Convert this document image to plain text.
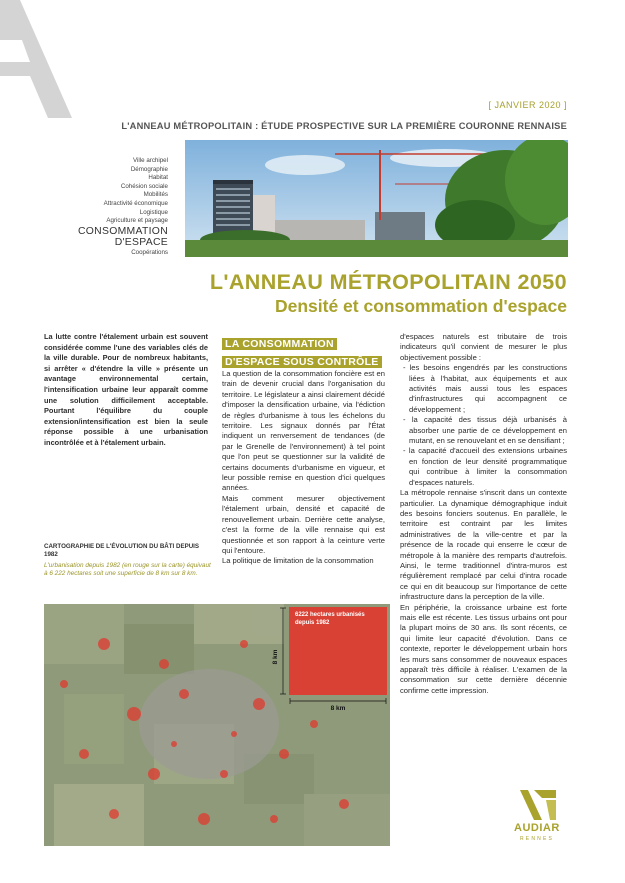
[ JANVIER 2020 ]
L'ANNEAU MÉTROPOLITAIN : ÉTUDE PROSPECTIVE SUR LA PREMIÈRE COURONNE RENNAISE
Ville archipel
Démographie
Habitat
Cohésion sociale
Mobilités
Attractivité économique
Logistique
Agriculture et paysage
CONSOMMATION
D'ESPACE
Coopérations
L'ANNEAU MÉTROPOLITAIN 2050
Densité et consommation d'espace
La lutte contre l'étalement urbain est souvent considérée comme l'une des variables clés de la ville durable. Pour de nombreux habitants, si arrêter « d'étendre la ville » présente un avantage environnemental certain, l'intensification urbaine leur apparaît comme une solution difficilement acceptable. Pourtant l'équilibre du couple extension/intensification est bien la seule réponse possible à une urbanisation incontrôlée et à l'étalement urbain.
CARTOGRAPHIE DE L'ÉVOLUTION DU BÂTI DEPUIS 1982
L'urbanisation depuis 1982 (en rouge sur la carte) équivaut à 6 222 hectares soit une superficie de 8 km sur 8 km.
6222 hectares urbanisés
depuis 1982
8 km
8 km
LA CONSOMMATION
D'ESPACE SOUS CONTRÔLE

La question de la consommation foncière est en train de devenir crucial dans l'organisation du territoire. Le législateur a ainsi clairement décidé d'imposer la densification urbaine, via l'édiction de règles d'urbanisme à tous les échelons du territoire. Les signaux donnés par l'État indiquent un renversement de tendances (de par le Grenelle de l'environnement) à tel point que l'on peut se questionner sur la validité de certains documents d'urbanisme en vigueur, et leur possible remise en question d'ici quelques années.

Mais comment mesurer objectivement l'étalement urbain, densité et capacité de renouvellement urbain. Derrière cette analyse, c'est la forme de la ville rennaise qui est questionnée et son rapport à la ceinture verte qui l'entoure.

La politique de limitation de la consommation

d'espaces naturels est tributaire de trois indicateurs qu'il convient de mesurer le plus objectivement possible :

- les besoins engendrés par les constructions liées à l'habitat, aux équipements et aux activités mais aussi tous les espaces d'infrastructures qui accompagnent ce développement ;

- la capacité des tissus déjà urbanisés à absorber une partie de ce développement en mutant, en se renouvelant et en se densifiant ;

- la capacité d'accueil des extensions urbaines en fonction de leur densité programmatique qui contribue à limiter la consommation d'espaces naturels.

La métropole rennaise s'inscrit dans un contexte particulier. La dynamique démographique induit des besoins fonciers soutenus. En parallèle, le territoire est contraint par les limites administratives de la ville-centre et par la présence de la rocade qui enserre le cœur de métropole à la manière des remparts d'autrefois. Ainsi, le terme traditionnel d'intra-muros est régulièrement remplacé par celui d'intra rocade ce qui en dit beaucoup sur l'importance de cette infrastructure dans la perception de la ville.

En périphérie, la croissance urbaine est forte mais elle est récente. Les tissus urbains ont pour la plupart moins de 30 ans. Ils sont récents, ce qui limite leur capacité d'évolution. Dans ce contexte, reporter le développement urbain hors les murs sans consommer de nouveaux espaces apparaît très difficile à réaliser. L'examen de la consommation sur cette dernière décennie confirme cette impression.

AUDIAR
RENNES
